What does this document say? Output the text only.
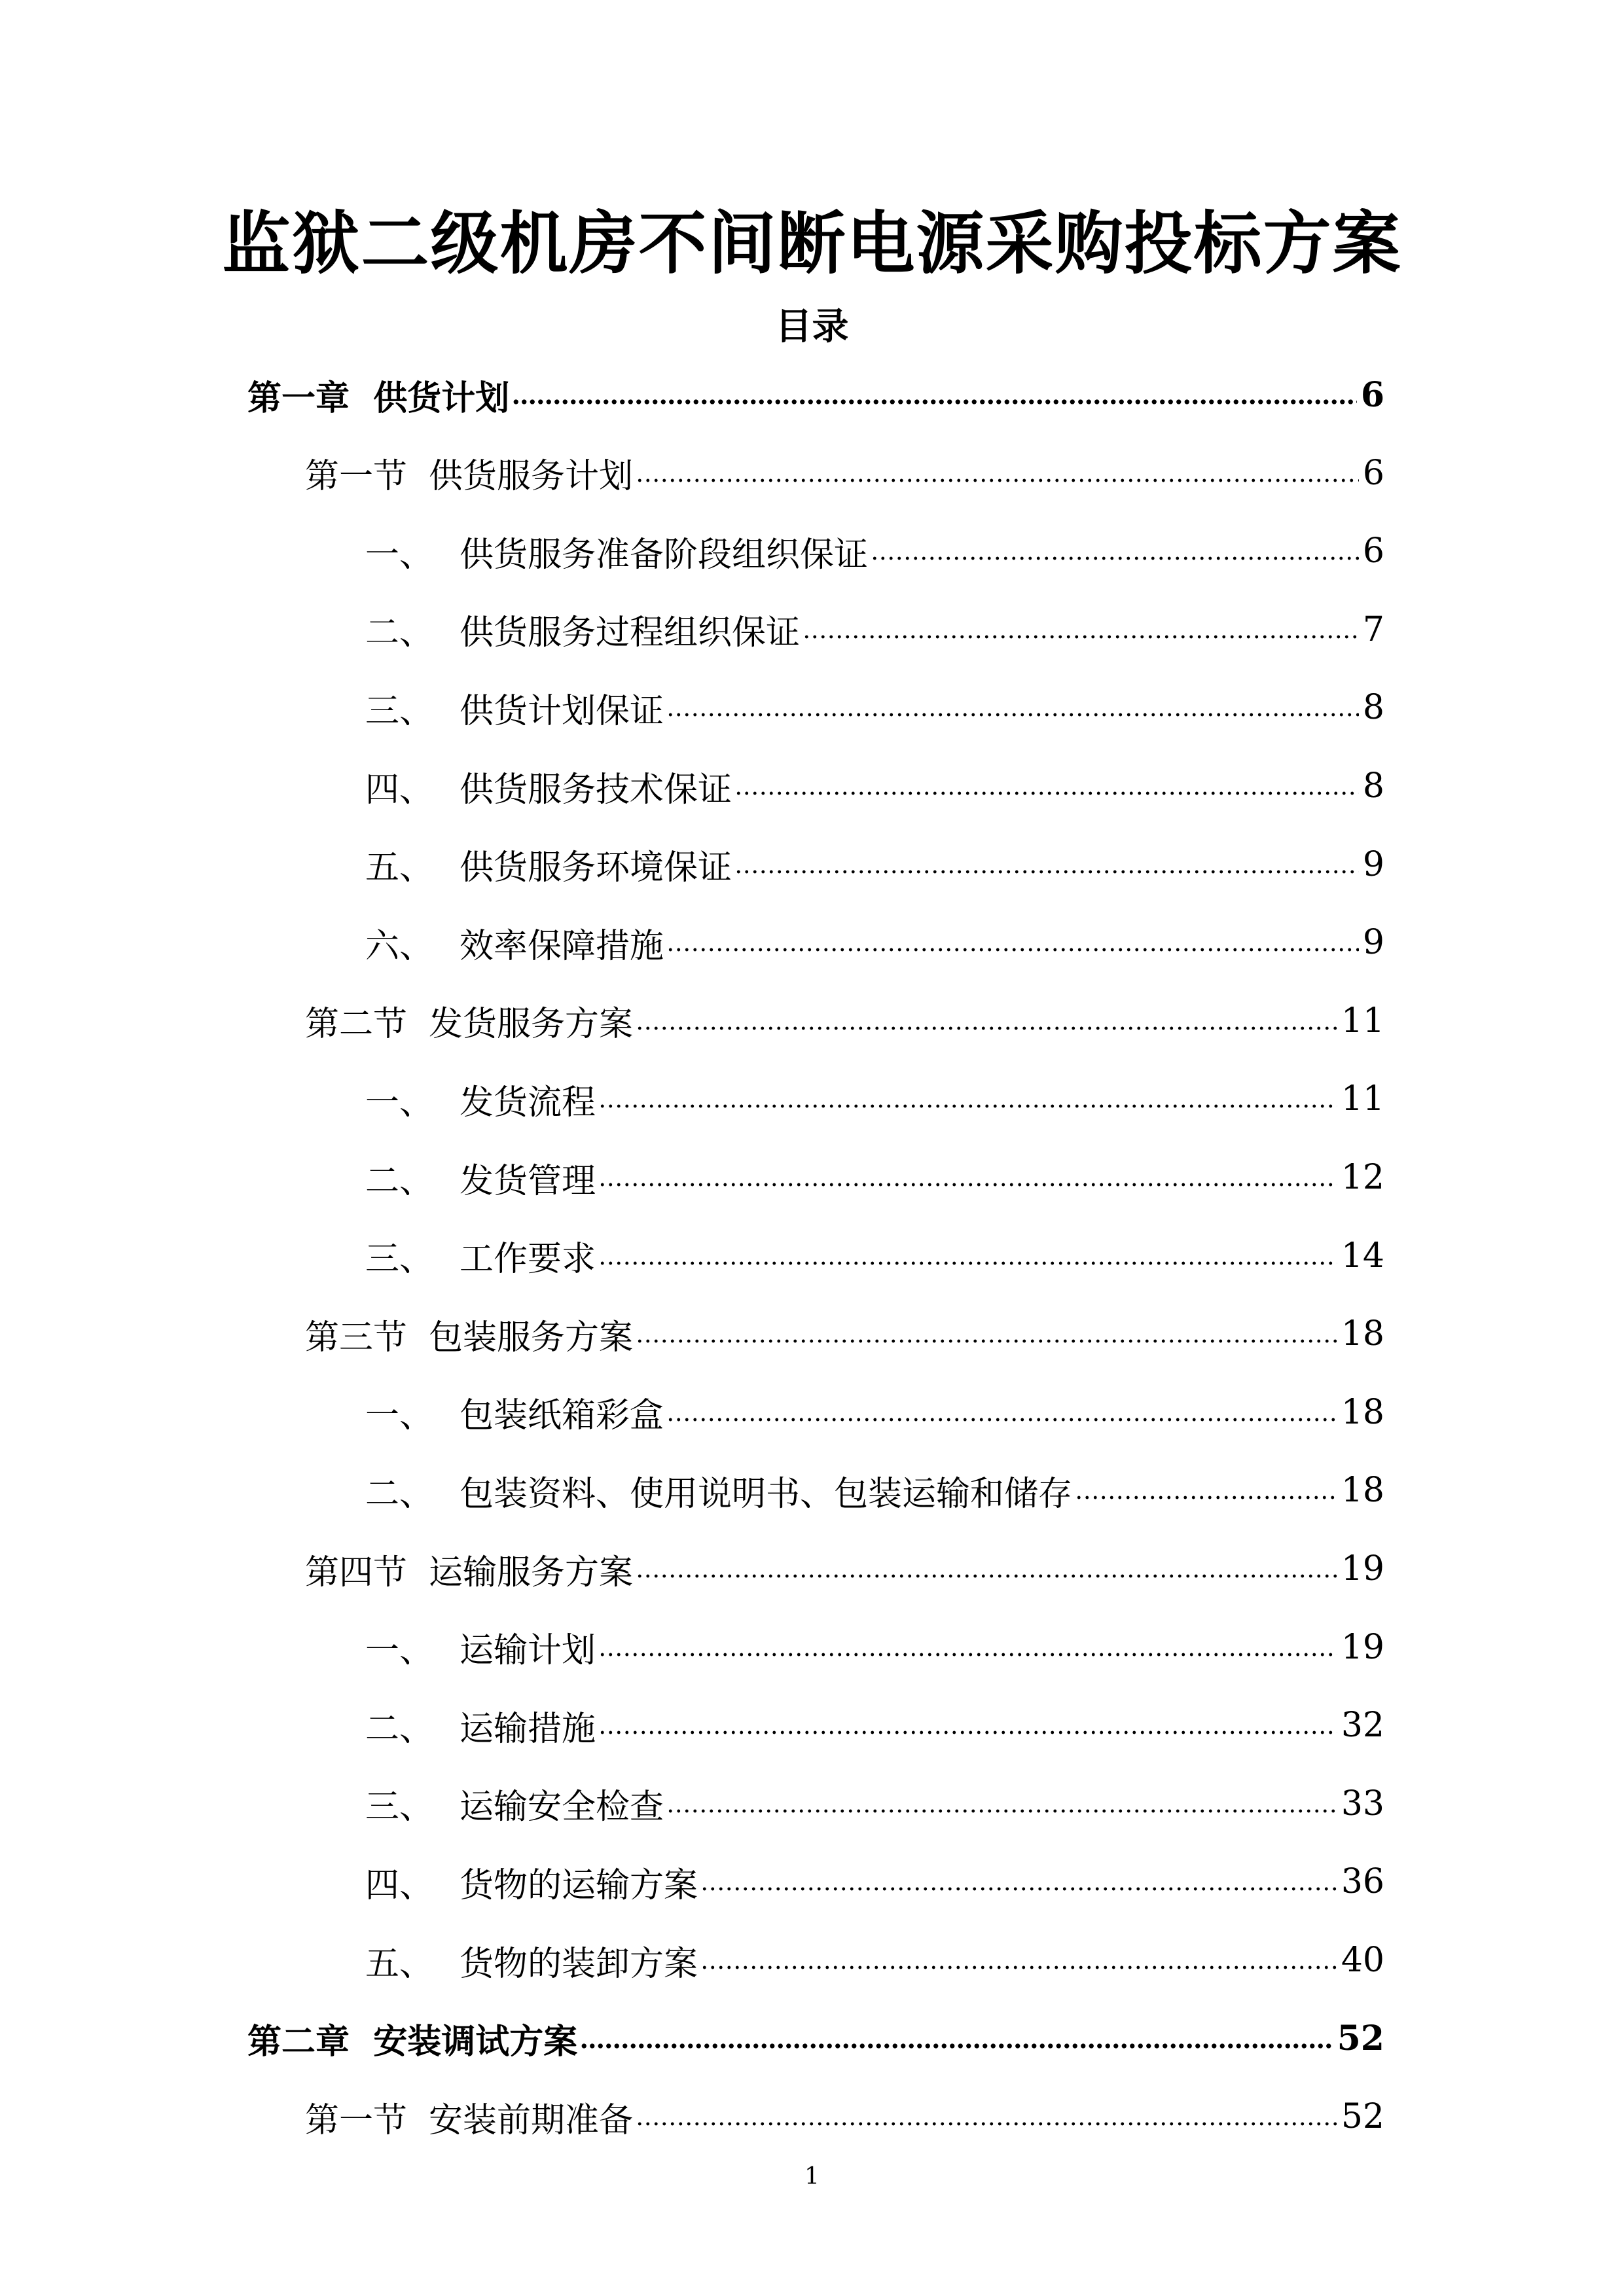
监狱二级机房不间断电源采购投标方案
目录
第一章  供货计划	6
第一节  供货服务计划	6
一、 供货服务准备阶段组织保证	6
二、 供货服务过程组织保证	7
三、 供货计划保证	8
四、 供货服务技术保证	8
五、 供货服务环境保证	9
六、 效率保障措施	9
第二节  发货服务方案	11
一、 发货流程	11
二、 发货管理	12
三、 工作要求	14
第三节  包装服务方案	18
一、 包装纸箱彩盒	18
二、 包装资料、使用说明书、包装运输和储存	18
第四节  运输服务方案	19
一、 运输计划	19
二、 运输措施	32
三、 运输安全检查	33
四、 货物的运输方案	36
五、 货物的装卸方案	40
第二章  安装调试方案	52
第一节  安装前期准备	52
1
